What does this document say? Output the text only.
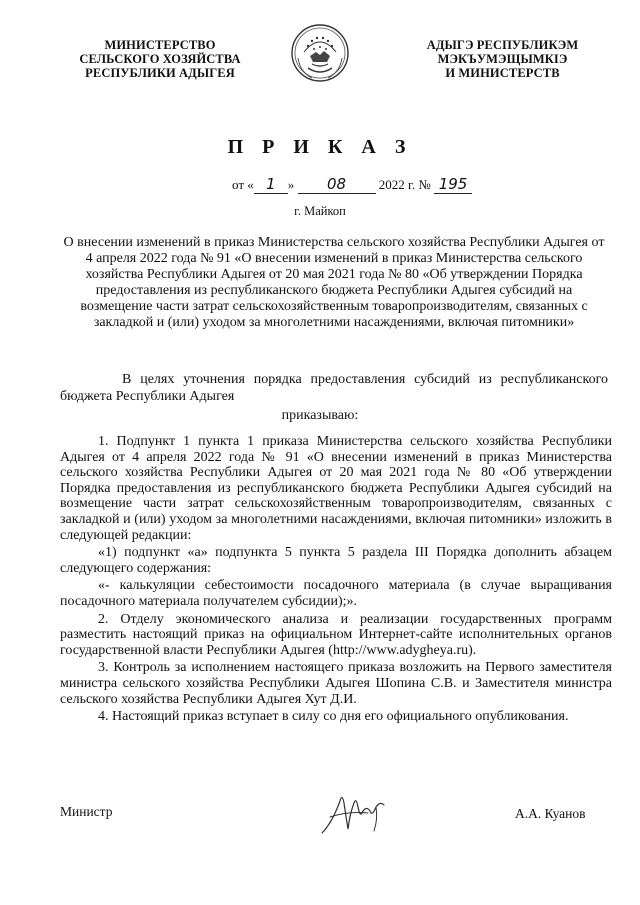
МИНИСТЕРСТВО
СЕЛЬСКОГО ХОЗЯЙСТВА
РЕСПУБЛИКИ АДЫГЕЯ
АДЫГЭ РЕСПУБЛИКЭМ
МЭКЪУМЭЩЫМКIЭ
И МИНИСТЕРСТВ
П Р И К А З
от « 1 » 08	2022 г. № 195
г. Майкоп
О внесении изменений в приказ Министерства сельского хозяйства Республики Адыгея от 4 апреля 2022 года № 91 «О внесении изменений в приказ Министерства сельского хозяйства Республики Адыгея от 20 мая 2021 года № 80 «Об утверждении Порядка предоставления из республиканского бюджета Республики Адыгея субсидий на возмещение части затрат сельскохозяйственным товаропроизводителям, связанных с закладкой и (или) уходом за многолетними насаждениями, включая питомники»
В целях уточнения порядка предоставления субсидий из республиканского бюджета Республики Адыгея
приказываю:

1. Подпункт 1 пункта 1 приказа Министерства сельского хозяйства Республики Адыгея от 4 апреля 2022 года № 91 «О внесении изменений в приказ Министерства сельского хозяйства Республики Адыгея от 20 мая 2021 года № 80 «Об утверждении Порядка предоставления из республиканского бюджета Республики Адыгея субсидий на возмещение части затрат сельскохозяйственным товаропроизводителям, связанных с закладкой и (или) уходом за многолетними насаждениями, включая питомники» изложить в следующей редакции:

«1) подпункт «а» подпункта 5 пункта 5 раздела III Порядка дополнить абзацем следующего содержания:

«- калькуляции себестоимости посадочного материала (в случае выращивания посадочного материала получателем субсидии);».

2. Отделу экономического анализа и реализации государственных программ разместить настоящий приказ на официальном Интернет-сайте исполнительных органов государственной власти Республики Адыгея (http://www.adygheya.ru).

3. Контроль за исполнением настоящего приказа возложить на Первого заместителя министра сельского хозяйства Республики Адыгея Шопина С.В. и Заместителя министра сельского хозяйства Республики Адыгея Хут Д.И.

4. Настоящий приказ вступает в силу со дня его официального опубликования.

Министр	А.А. Куанов
